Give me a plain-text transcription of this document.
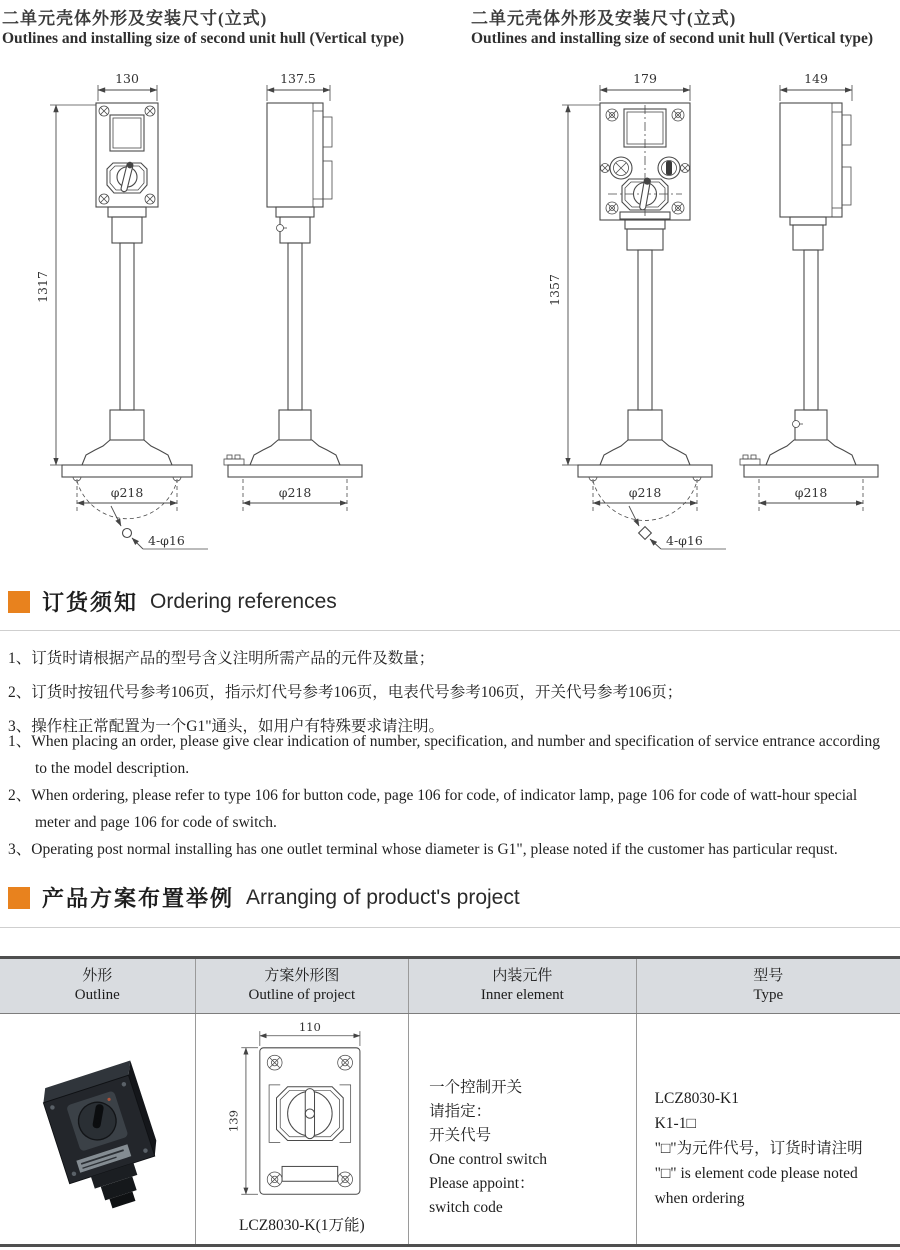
二单元壳体外形及安装尺寸(立式)
Outlines and installing size of second unit hull (Vertical type)
二单元壳体外形及安装尺寸(立式)
Outlines and installing size of second unit hull (Vertical type)
130
1317
φ218
4-φ16
137.5
φ218
179
1357
φ218
4-φ16
149
φ218
订货须知 Ordering references
1、订货时请根据产品的型号含义注明所需产品的元件及数量；
2、订货时按钮代号参考106页，指示灯代号参考106页，电表代号参考106页，开关代号参考106页；
3、操作柱正常配置为一个G1"通头，如用户有特殊要求请注明。
1、When placing an order, please give clear indication of number, specification, and number and specification of service entrance according to the model description.
2、When ordering, please refer to type 106 for button code, page 106 for code, of indicator lamp, page 106 for code of watt-hour special meter and page 106 for code of switch.
3、Operating post normal installing has one outlet terminal whose diameter is G1", please noted if the customer has particular requst.
产品方案布置举例 Arranging of product's project
外形
Outline
方案外形图
Outline of project
内装元件
Inner element
型号
Type
110
139
LCZ8030-K(1万能)
一个控制开关
请指定：
开关代号
One control switch
Please appoint：
switch code
LCZ8030-K1
K1-1□
"□"为元件代号，订货时请注明
"□" is element code please noted
when ordering
